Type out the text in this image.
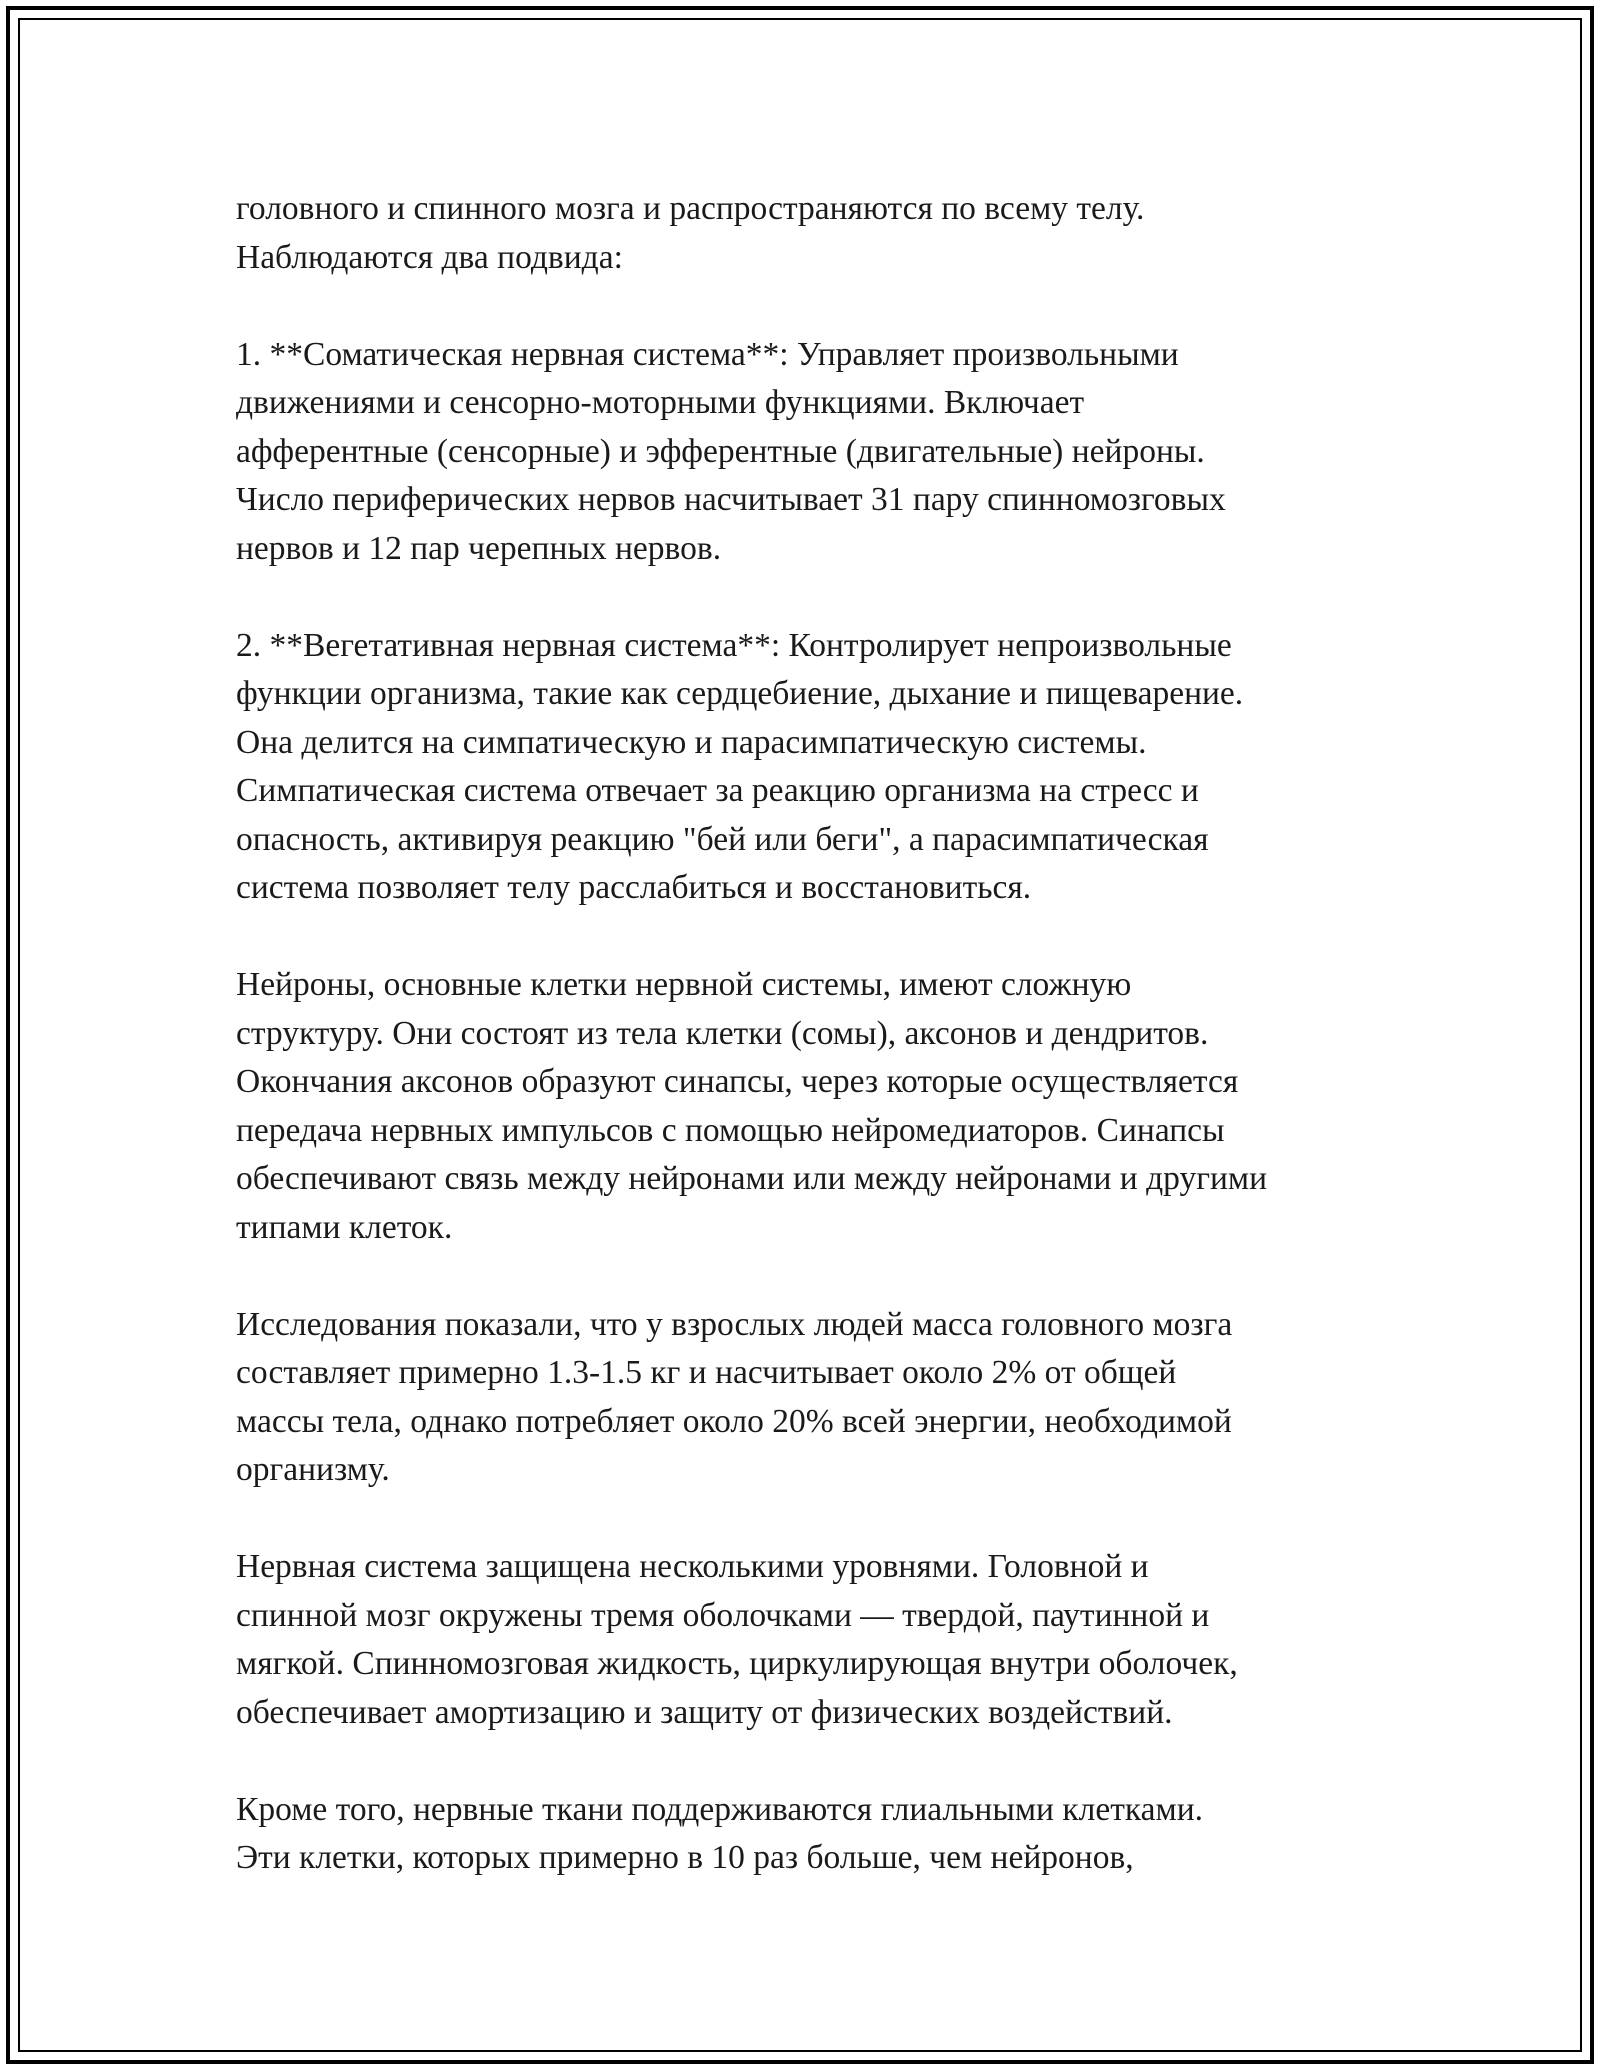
головного и спинного мозга и распространяются по всему телу.
Наблюдаются два подвида:

1. **Соматическая нервная система**: Управляет произвольными
движениями и сенсорно-моторными функциями. Включает
афферентные (сенсорные) и эфферентные (двигательные) нейроны.
Число периферических нервов насчитывает 31 пару спинномозговых
нервов и 12 пар черепных нервов.

2. **Вегетативная нервная система**: Контролирует непроизвольные
функции организма, такие как сердцебиение, дыхание и пищеварение.
Она делится на симпатическую и парасимпатическую системы.
Симпатическая система отвечает за реакцию организма на стресс и
опасность, активируя реакцию "бей или беги", а парасимпатическая
система позволяет телу расслабиться и восстановиться.

Нейроны, основные клетки нервной системы, имеют сложную
структуру. Они состоят из тела клетки (сомы), аксонов и дендритов.
Окончания аксонов образуют синапсы, через которые осуществляется
передача нервных импульсов с помощью нейромедиаторов. Синапсы
обеспечивают связь между нейронами или между нейронами и другими
типами клеток.

Исследования показали, что у взрослых людей масса головного мозга
составляет примерно 1.3-1.5 кг и насчитывает около 2% от общей
массы тела, однако потребляет около 20% всей энергии, необходимой
организму.

Нервная система защищена несколькими уровнями. Головной и
спинной мозг окружены тремя оболочками — твердой, паутинной и
мягкой. Спинномозговая жидкость, циркулирующая внутри оболочек,
обеспечивает амортизацию и защиту от физических воздействий.

Кроме того, нервные ткани поддерживаются глиальными клетками.
Эти клетки, которых примерно в 10 раз больше, чем нейронов,
